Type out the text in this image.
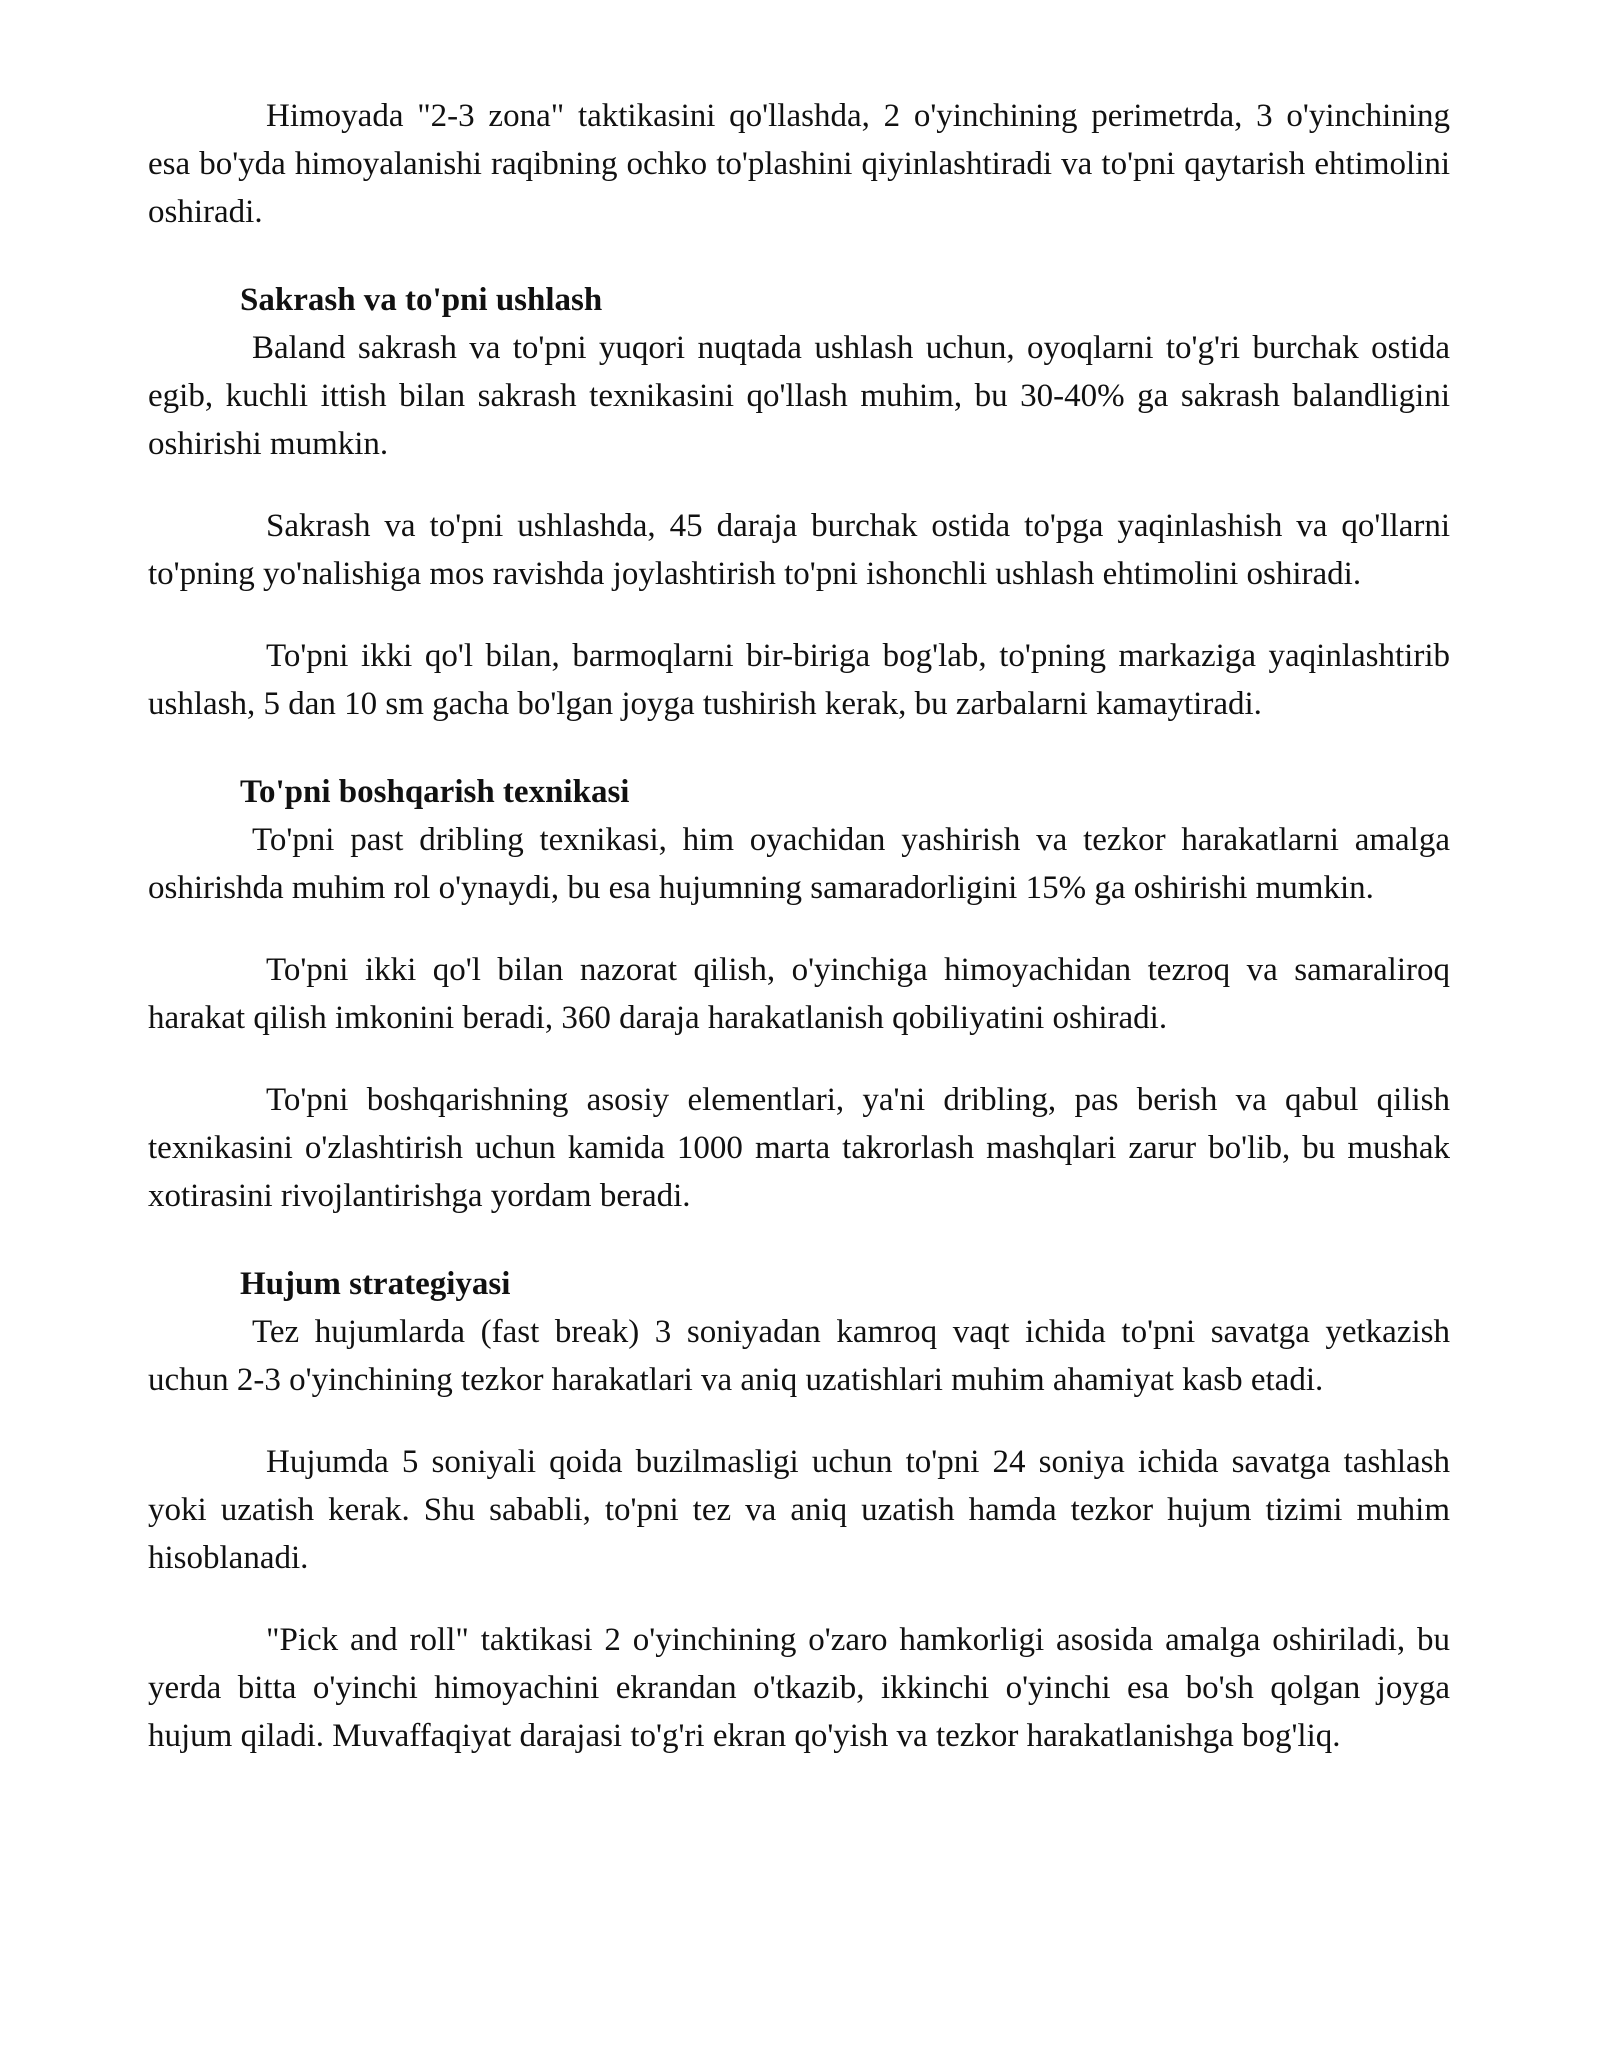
Himoyada "2-3 zona" taktikasini qo'llashda, 2 o'yinchining perimetrda, 3 o'yinchining esa bo'yda himoyalanishi raqibning ochko to'plashini qiyinlashtiradi va to'pni qaytarish ehtimolini oshiradi.

Sakrash va to'pni ushlash

Baland sakrash va to'pni yuqori nuqtada ushlash uchun, oyoqlarni to'g'ri burchak ostida egib, kuchli ittish bilan sakrash texnikasini qo'llash muhim, bu 30-40% ga sakrash balandligini oshirishi mumkin.

Sakrash va to'pni ushlashda, 45 daraja burchak ostida to'pga yaqinlashish va qo'llarni to'pning yo'nalishiga mos ravishda joylashtirish to'pni ishonchli ushlash ehtimolini oshiradi.

To'pni ikki qo'l bilan, barmoqlarni bir-biriga bog'lab, to'pning markaziga yaqinlashtirib ushlash, 5 dan 10 sm gacha bo'lgan joyga tushirish kerak, bu zarbalarni kamaytiradi.

To'pni boshqarish texnikasi

To'pni past dribling texnikasi, him oyachidan yashirish va tezkor harakatlarni amalga oshirishda muhim rol o'ynaydi, bu esa hujumning samaradorligini 15% ga oshirishi mumkin.

To'pni ikki qo'l bilan nazorat qilish, o'yinchiga himoyachidan tezroq va samaraliroq harakat qilish imkonini beradi, 360 daraja harakatlanish qobiliyatini oshiradi.

To'pni boshqarishning asosiy elementlari, ya'ni dribling, pas berish va qabul qilish texnikasini o'zlashtirish uchun kamida 1000 marta takrorlash mashqlari zarur bo'lib, bu mushak xotirasini rivojlantirishga yordam beradi.

Hujum strategiyasi

Tez hujumlarda (fast break) 3 soniyadan kamroq vaqt ichida to'pni savatga yetkazish uchun 2-3 o'yinchining tezkor harakatlari va aniq uzatishlari muhim ahamiyat kasb etadi.

Hujumda 5 soniyali qoida buzilmasligi uchun to'pni 24 soniya ichida savatga tashlash yoki uzatish kerak. Shu sababli, to'pni tez va aniq uzatish hamda tezkor hujum tizimi muhim hisoblanadi.

"Pick and roll" taktikasi 2 o'yinchining o'zaro hamkorligi asosida amalga oshiriladi, bu yerda bitta o'yinchi himoyachini ekrandan o'tkazib, ikkinchi o'yinchi esa bo'sh qolgan joyga hujum qiladi. Muvaffaqiyat darajasi to'g'ri ekran qo'yish va tezkor harakatlanishga bog'liq.
